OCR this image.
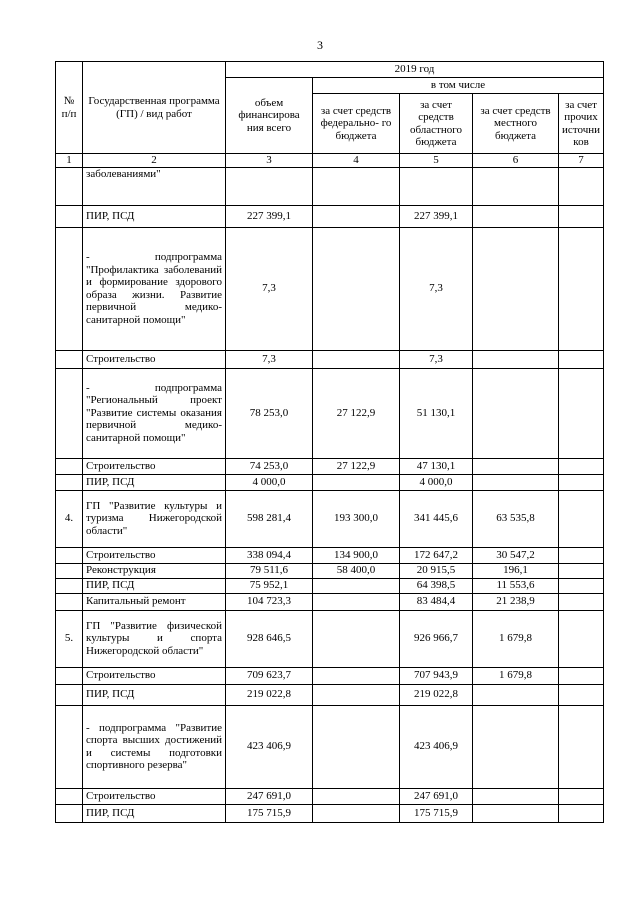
3
№ п/п	Государственная программа (ГП) / вид работ	2019 год				
		объем финансирова ния всего	в том числе			
			за счет средств федерально- го бюджета	за счет средств областного бюджета	за счет средств местного бюджета	за счет прочих источни ков
1	2	3	4	5	6	7
	заболеваниями"					
	ПИР, ПСД	227 399,1		227 399,1		
	- подпрограмма "Профилактика заболеваний и формирование здорового образа жизни. Развитие первичной медико-санитарной помощи"	7,3		7,3		
	Строительство	7,3		7,3		
	- подпрограмма "Региональный проект "Развитие системы оказания первичной медико-санитарной помощи"	78 253,0	27 122,9	51 130,1		
	Строительство	74 253,0	27 122,9	47 130,1		
	ПИР, ПСД	4 000,0		4 000,0		
4.	ГП "Развитие культуры и туризма Нижегородской области"	598 281,4	193 300,0	341 445,6	63 535,8	
	Строительство	338 094,4	134 900,0	172 647,2	30 547,2	
	Реконструкция	79 511,6	58 400,0	20 915,5	196,1	
	ПИР, ПСД	75 952,1		64 398,5	11 553,6	
	Капитальный ремонт	104 723,3		83 484,4	21 238,9	
5.	ГП "Развитие физической культуры и спорта Нижегородской области"	928 646,5		926 966,7	1 679,8	
	Строительство	709 623,7		707 943,9	1 679,8	
	ПИР, ПСД	219 022,8		219 022,8		
	- подпрограмма "Развитие спорта высших достижений и системы подготовки спортивного резерва"	423 406,9		423 406,9		
	Строительство	247 691,0		247 691,0		
	ПИР, ПСД	175 715,9		175 715,9		
